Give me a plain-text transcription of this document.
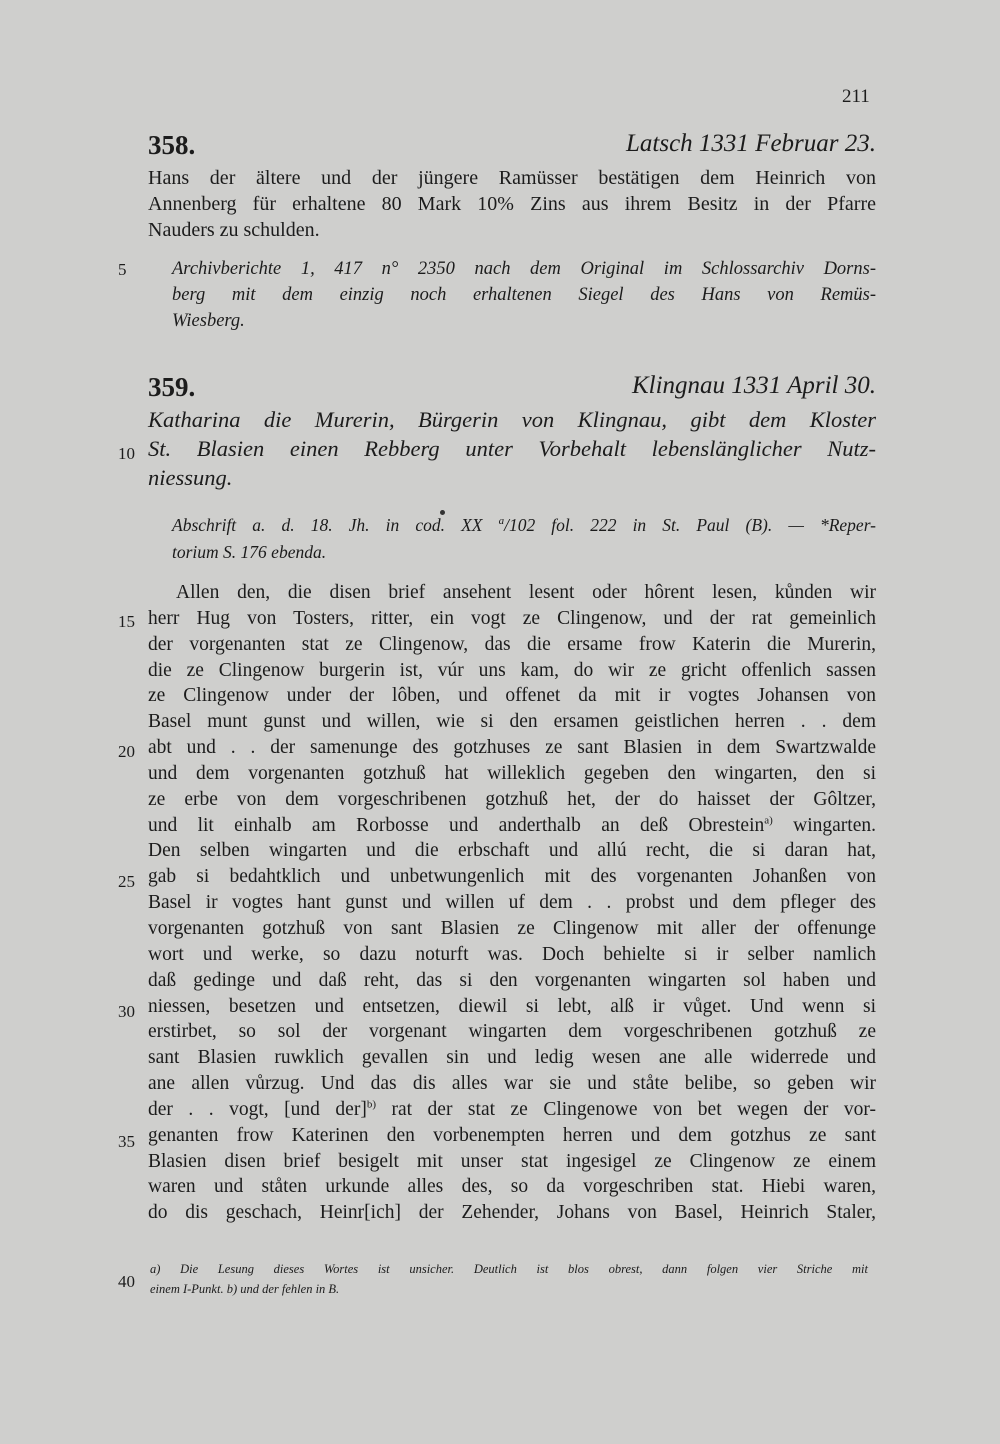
211
358.	Latsch 1331 Februar 23.
Hans der ältere und der jüngere Ramüsser bestätigen dem Heinrich von
Annenberg für erhaltene 80 Mark 10% Zins aus ihrem Besitz in der Pfarre
Nauders zu schulden.
5 Archivberichte 1, 417 n° 2350 nach dem Original im Schlossarchiv Dorns-
berg mit dem einzig noch erhaltenen Siegel des Hans von Remüs-
Wiesberg.
359.	Klingnau 1331 April 30.
10
Katharina die Murerin, Bürgerin von Klingnau, gibt dem Kloster
St. Blasien einen Rebberg unter Vorbehalt lebenslänglicher Nutz-
niessung.
Abschrift a. d. 18. Jh. in cod. XX $^a$/102 fol. 222 in St. Paul (B). — *Reper-
torium S. 176 ebenda.
15
20
25
30
35
40
Allen den, die disen brief ansehent lesent oder hôrent lesen, kůnden wir
herr Hug von Tosters, ritter, ein vogt ze Clingenow, und der rat gemeinlich
der vorgenanten stat ze Clingenow, das die ersame frow Katerin die Murerin,
die ze Clingenow burgerin ist, vúr uns kam, do wir ze gricht offenlich sassen
ze Clingenow under der lôben, und offenet da mit ir vogtes Johansen von
Basel munt gunst und willen, wie si den ersamen geistlichen herren . . dem
abt und . . der samenunge des gotzhuses ze sant Blasien in dem Swartzwalde
und dem vorgenanten gotzhuß hat willeklich gegeben den wingarten, den si
ze erbe von dem vorgeschribenen gotzhuß het, der do haisset der Gôltzer,
und lit einhalb am Rorbosse und anderthalb an deß Obrestein$^{a)}$ wingarten.
Den selben wingarten und die erbschaft und allú recht, die si daran hat,
gab si bedahtklich und unbetwungenlich mit des vorgenanten Johanßen von
Basel ir vogtes hant gunst und willen uf dem . . probst und dem pfleger des
vorgenanten gotzhuß von sant Blasien ze Clingenow mit aller der offenunge
wort und werke, so dazu noturft was. Doch behielte si ir selber namlich
daß gedinge und daß reht, das si den vorgenanten wingarten sol haben und
niessen, besetzen und entsetzen, diewil si lebt, alß ir vůget. Und wenn si
erstirbet, so sol der vorgenant wingarten dem vorgeschribenen gotzhuß ze
sant Blasien ruwklich gevallen sin und ledig wesen ane alle widerrede und
ane allen vůrzug. Und das dis alles war sie und ståte belibe, so geben wir
der . . vogt, [und der]$^{b)}$ rat der stat ze Clingenowe von bet wegen der vor-
genanten frow Katerinen den vorbenempten herren und dem gotzhus ze sant
Blasien disen brief besigelt mit unser stat ingesigel ze Clingenow ze einem
waren und ståten urkunde alles des, so da vorgeschriben stat. Hiebi waren,
do dis geschach, Heinr[ich] der Zehender, Johans von Basel, Heinrich Staler,
a) Die Lesung dieses Wortes ist unsicher. Deutlich ist blos obrest, dann folgen vier Striche mit
einem I-Punkt. b) und der fehlen in B.
